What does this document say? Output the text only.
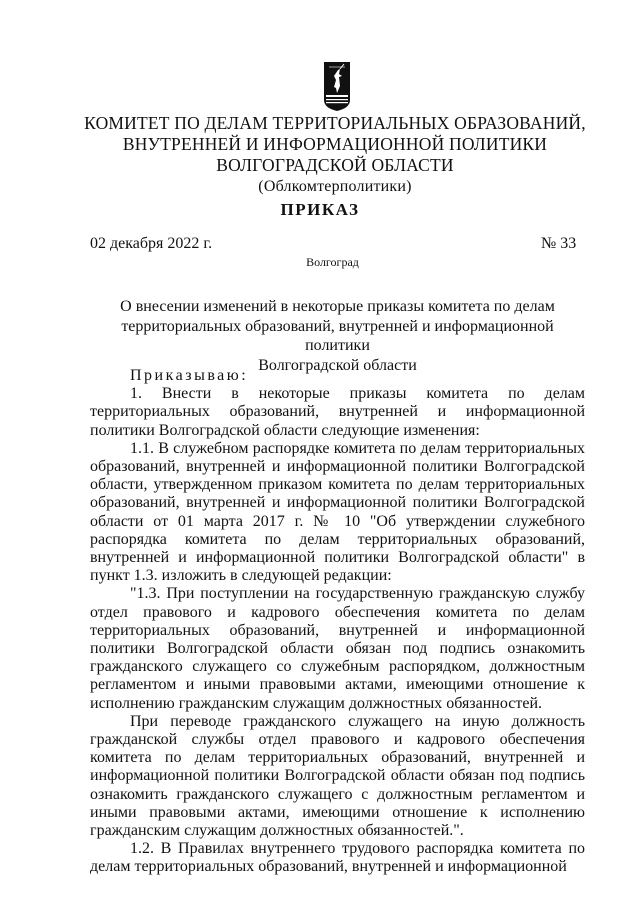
КОМИТЕТ ПО ДЕЛАМ ТЕРРИТОРИАЛЬНЫХ ОБРАЗОВАНИЙ,
ВНУТРЕННЕЙ И ИНФОРМАЦИОННОЙ ПОЛИТИКИ
ВОЛГОГРАДСКОЙ ОБЛАСТИ
(Облкомтерполитики)
ПРИКАЗ
02 декабря 2022 г.	№ 33
Волгоград
О внесении изменений в некоторые приказы комитета по делам
территориальных образований, внутренней и информационной политики
Волгоградской области

Приказываю:

1. Внести в некоторые приказы комитета по делам территориальных образований, внутренней и информационной политики Волгоградской области следующие изменения:

1.1. В служебном распорядке комитета по делам территориальных образований, внутренней и информационной политики Волгоградской области, утвержденном приказом комитета по делам территориальных образований, внутренней и информационной политики Волгоградской области от 01 марта 2017 г. № 10 "Об утверждении служебного распорядка комитета по делам территориальных образований, внутренней и информационной политики Волгоградской области" в пункт 1.3. изложить в следующей редакции:

"1.3. При поступлении на государственную гражданскую службу отдел правового и кадрового обеспечения комитета по делам территориальных образований, внутренней и информационной политики Волгоградской области обязан под подпись ознакомить гражданского служащего со служебным распорядком, должностным регламентом и иными правовыми актами, имеющими отношение к исполнению гражданским служащим должностных обязанностей.

При переводе гражданского служащего на иную должность гражданской службы отдел правового и кадрового обеспечения комитета по делам территориальных образований, внутренней и информационной политики Волгоградской области обязан под подпись ознакомить гражданского служащего с должностным регламентом и иными правовыми актами, имеющими отношение к исполнению гражданским служащим должностных обязанностей.".

1.2. В Правилах внутреннего трудового распорядка комитета по делам территориальных образований, внутренней и информационной
